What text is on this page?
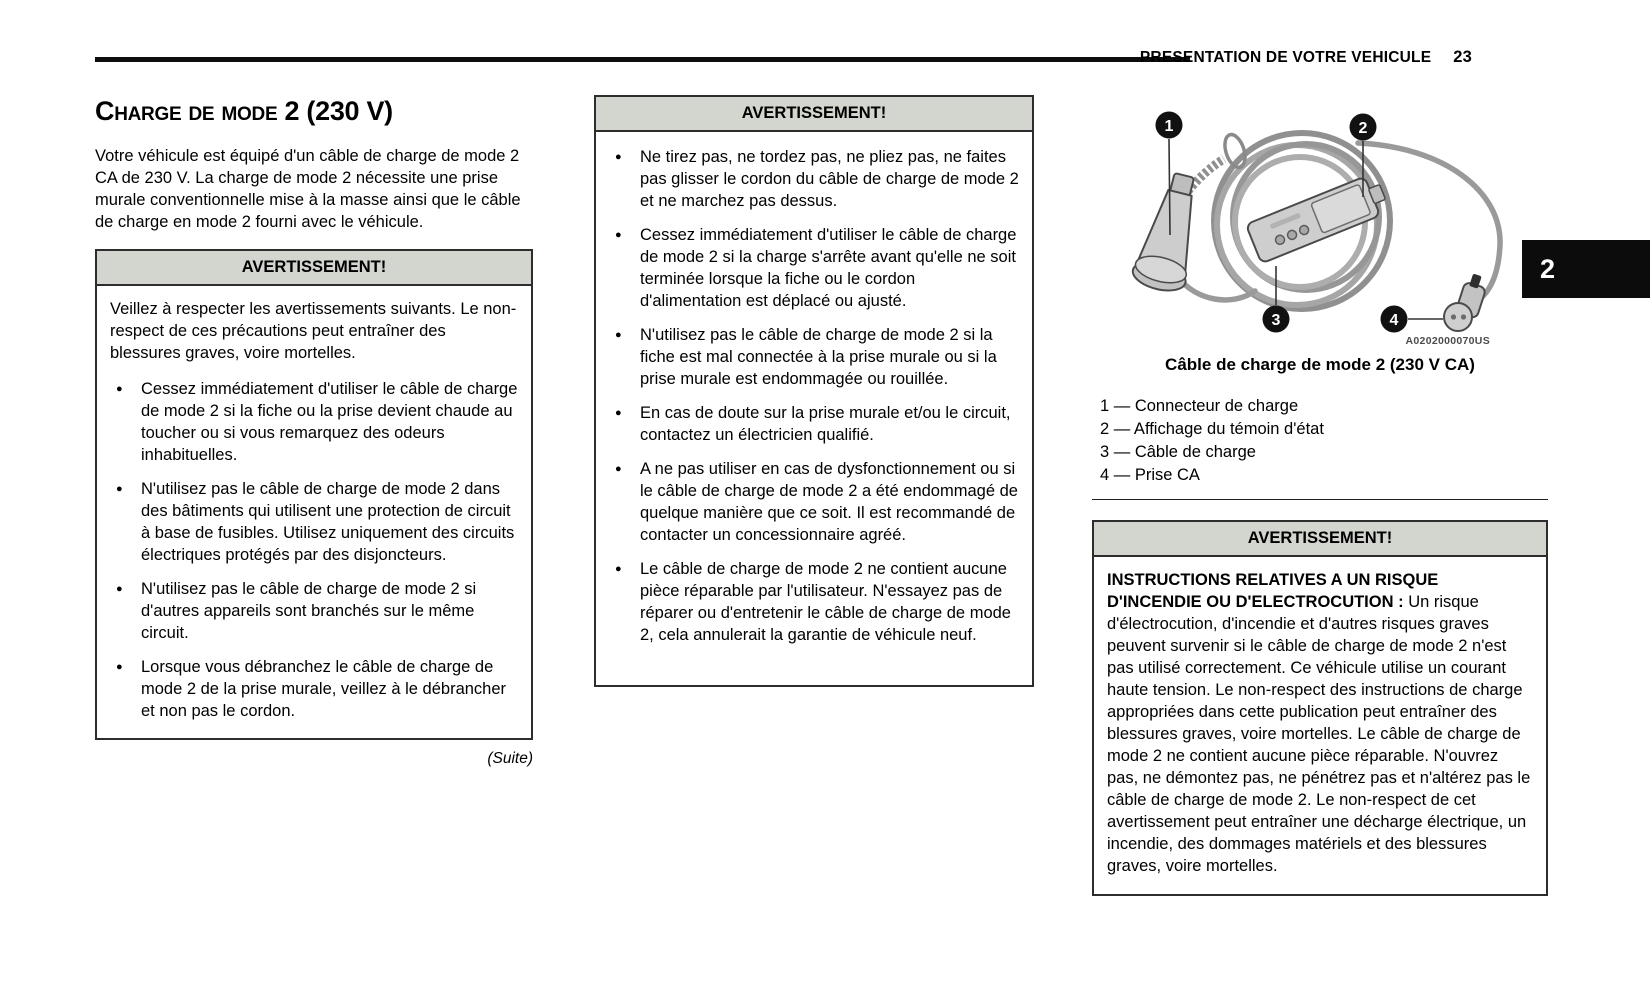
PRESENTATION DE VOTRE VEHICULE 23
2
Charge de mode 2 (230 V)

Votre véhicule est équipé d'un câble de charge de mode 2 CA de 230 V. La charge de mode 2 nécessite une prise murale conventionnelle mise à la masse ainsi que le câble de charge en mode 2 fourni avec le véhicule.

AVERTISSEMENT!

Veillez à respecter les avertissements suivants. Le non-respect de ces précautions peut entraîner des blessures graves, voire mortelles.

● Cessez immédiatement d'utiliser le câble de charge de mode 2 si la fiche ou la prise devient chaude au toucher ou si vous remarquez des odeurs inhabituelles.
● N'utilisez pas le câble de charge de mode 2 dans des bâtiments qui utilisent une protection de circuit à base de fusibles. Utilisez uniquement des circuits électriques protégés par des disjoncteurs.
● N'utilisez pas le câble de charge de mode 2 si d'autres appareils sont branchés sur le même circuit.
● Lorsque vous débranchez le câble de charge de mode 2 de la prise murale, veillez à le débrancher et non pas le cordon.
(Suite)
AVERTISSEMENT!
● Ne tirez pas, ne tordez pas, ne pliez pas, ne faites pas glisser le cordon du câble de charge de mode 2 et ne marchez pas dessus.
● Cessez immédiatement d'utiliser le câble de charge de mode 2 si la charge s'arrête avant qu'elle ne soit terminée lorsque la fiche ou le cordon d'alimentation est déplacé ou ajusté.
● N'utilisez pas le câble de charge de mode 2 si la fiche est mal connectée à la prise murale ou si la prise murale est endommagée ou rouillée.
● En cas de doute sur la prise murale et/ou le circuit, contactez un électricien qualifié.
● A ne pas utiliser en cas de dysfonctionnement ou si le câble de charge de mode 2 a été endommagé de quelque manière que ce soit. Il est recommandé de contacter un concessionnaire agréé.
● Le câble de charge de mode 2 ne contient aucune pièce réparable par l'utilisateur. N'essayez pas de réparer ou d'entretenir le câble de charge de mode 2, cela annulerait la garantie de véhicule neuf.
1	2
3	4
A0202000070US
Câble de charge de mode 2 (230 V CA)
1 — Connecteur de charge
2 — Affichage du témoin d'état
3 — Câble de charge
4 — Prise CA
AVERTISSEMENT!
INSTRUCTIONS RELATIVES A UN RISQUE D'INCENDIE OU D'ELECTROCUTION : Un risque d'électrocution, d'incendie et d'autres risques graves peuvent survenir si le câble de charge de mode 2 n'est pas utilisé correctement. Ce véhicule utilise un courant haute tension. Le non-respect des instructions de charge appropriées dans cette publication peut entraîner des blessures graves, voire mortelles. Le câble de charge de mode 2 ne contient aucune pièce réparable. N'ouvrez pas, ne démontez pas, ne pénétrez pas et n'altérez pas le câble de charge de mode 2. Le non-respect de cet avertissement peut entraîner une décharge électrique, un incendie, des dommages matériels et des blessures graves, voire mortelles.
